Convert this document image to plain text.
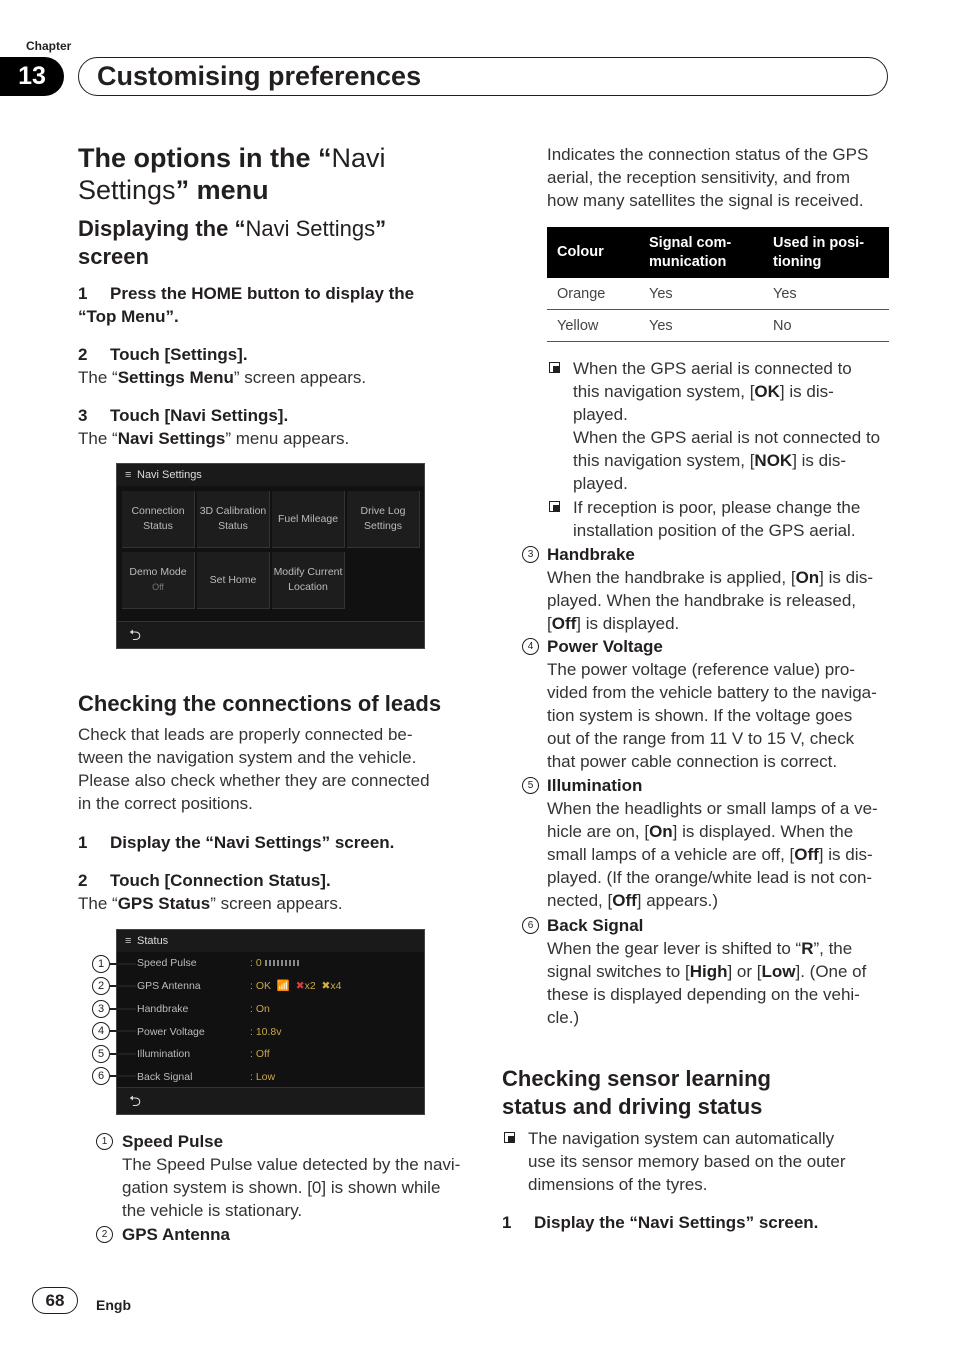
Chapter
13	Customising preferences
The options in the “Navi
Settings” menu
Displaying the “Navi Settings”
screen
1 Press the HOME button to display the
“Top Menu”.
2 Touch [Settings].
The “Settings Menu” screen appears.
3 Touch [Navi Settings].
The “Navi Settings” menu appears.
≡ Navi Settings
Connection Status
3D Calibration Status
Fuel Mileage
Drive Log Settings
Demo Mode
Off
Set Home
Modify Current Location
⮌
Checking the connections of leads
Check that leads are properly connected be-
tween the navigation system and the vehicle.
Please also check whether they are connected
in the correct positions.
1 Display the “Navi Settings” screen.
2 Touch [Connection Status].
The “GPS Status” screen appears.
≡ Status
Speed Pulse	: 0
GPS Antenna	: OK 📶 ✖x2 ✖x4
Handbrake	: On
Power Voltage	: 10.8v
Illumination	: Off
Back Signal	: Low
⮌
1
2
3
4
5
6
1 Speed Pulse
The Speed Pulse value detected by the navi-
gation system is shown. [0] is shown while
the vehicle is stationary.
2 GPS Antenna
Indicates the connection status of the GPS
aerial, the reception sensitivity, and from
how many satellites the signal is received.
Colour	Signal com-
munication	Used in posi-
tioning
Orange	Yes	Yes
Yellow	Yes	No
When the GPS aerial is connected to
this navigation system, [OK] is dis-
played.
When the GPS aerial is not connected to
this navigation system, [NOK] is dis-
played.
If reception is poor, please change the
installation position of the GPS aerial.
3 Handbrake
When the handbrake is applied, [On] is dis-
played. When the handbrake is released,
[Off] is displayed.
4 Power Voltage
The power voltage (reference value) pro-
vided from the vehicle battery to the naviga-
tion system is shown. If the voltage goes
out of the range from 11 V to 15 V, check
that power cable connection is correct.
5 Illumination
When the headlights or small lamps of a ve-
hicle are on, [On] is displayed. When the
small lamps of a vehicle are off, [Off] is dis-
played. (If the orange/white lead is not con-
nected, [Off] appears.)
6 Back Signal
When the gear lever is shifted to “R”, the
signal switches to [High] or [Low]. (One of
these is displayed depending on the vehi-
cle.)
Checking sensor learning
status and driving status
The navigation system can automatically
use its sensor memory based on the outer
dimensions of the tyres.
1 Display the “Navi Settings” screen.
68	Engb
